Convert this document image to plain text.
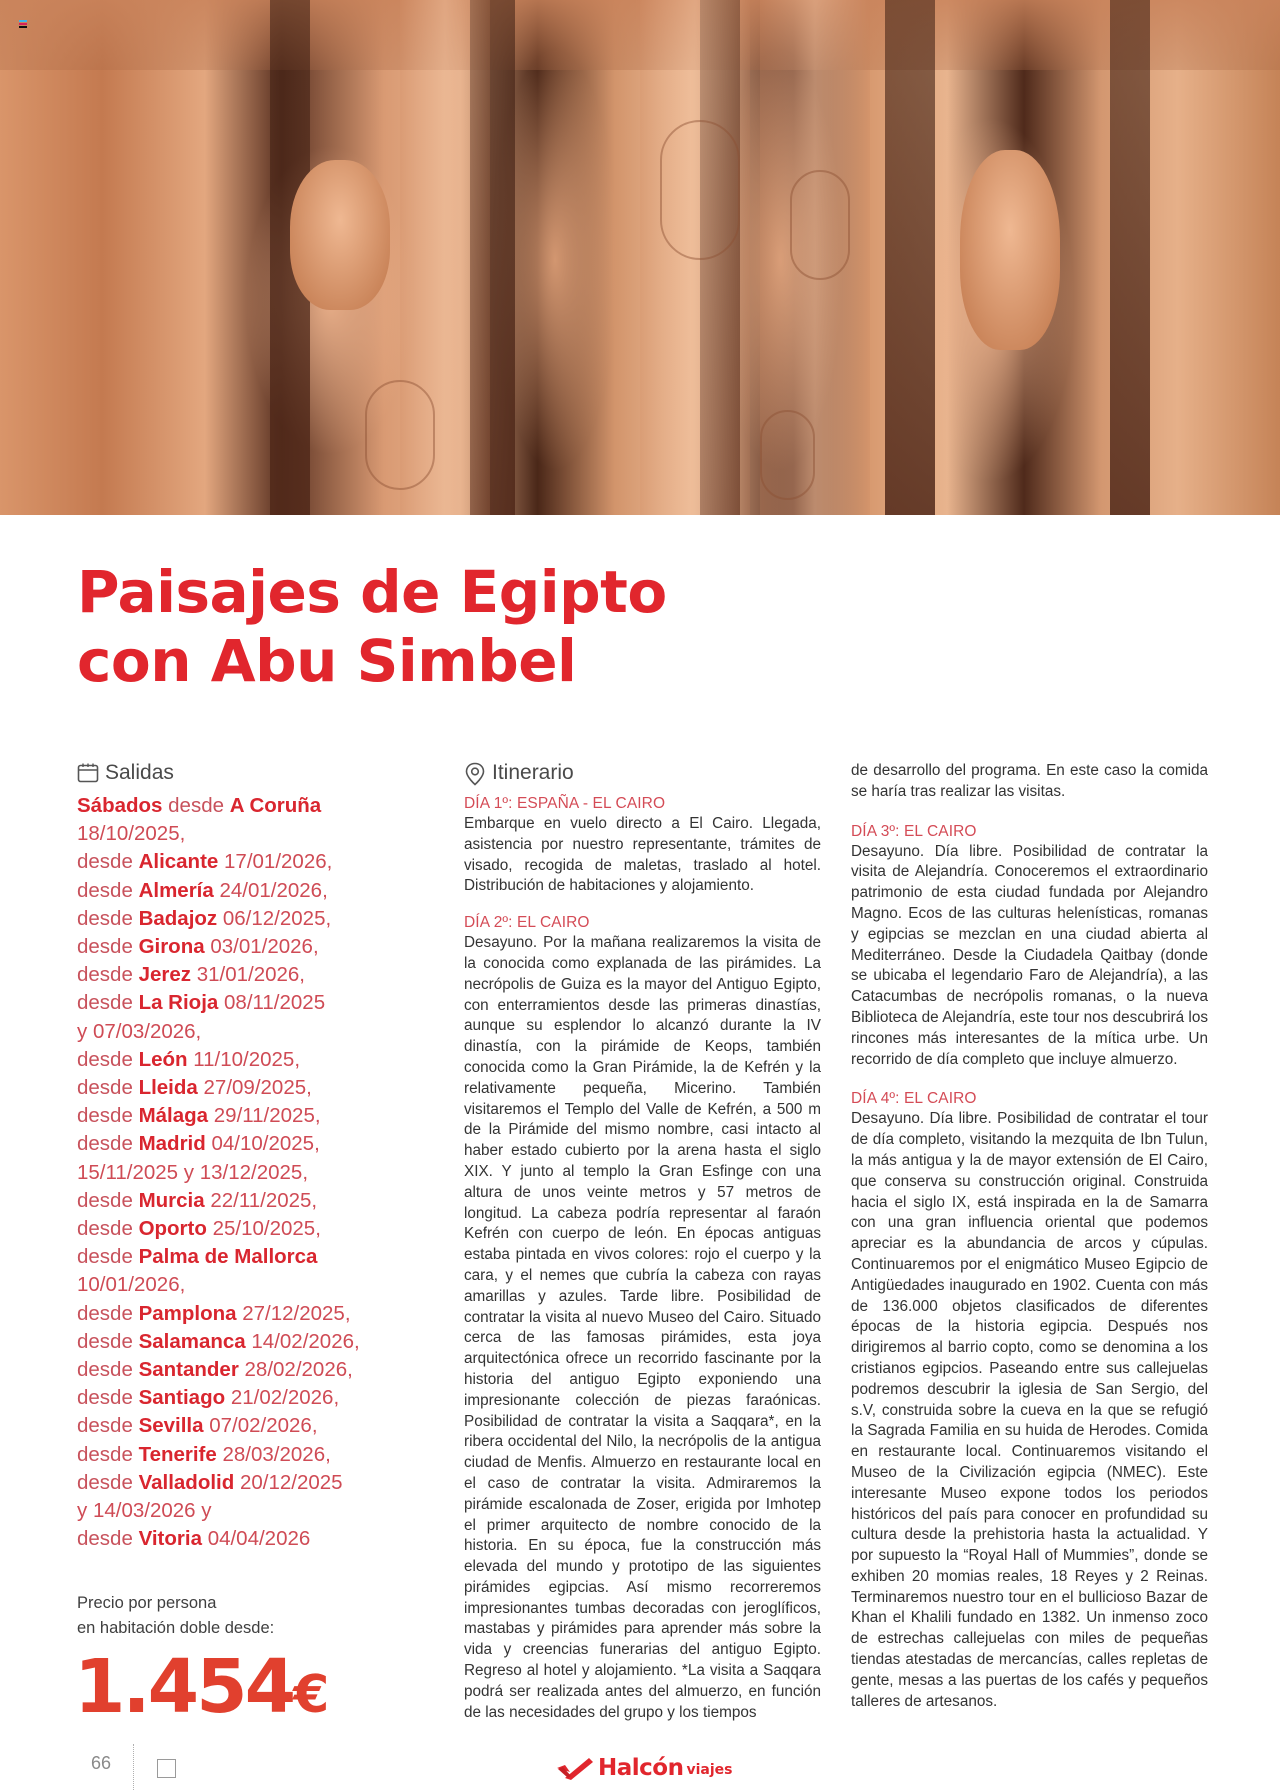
Paisajes de Egipto
con Abu Simbel
Salidas
Sábados desde A Coruña
18/10/2025,
desde Alicante 17/01/2026,
desde Almería 24/01/2026,
desde Badajoz 06/12/2025,
desde Girona 03/01/2026,
desde Jerez 31/01/2026,
desde La Rioja 08/11/2025
y 07/03/2026,
desde León 11/10/2025,
desde Lleida 27/09/2025,
desde Málaga 29/11/2025,
desde Madrid 04/10/2025,
15/11/2025 y 13/12/2025,
desde Murcia 22/11/2025,
desde Oporto 25/10/2025,
desde Palma de Mallorca
10/01/2026,
desde Pamplona 27/12/2025,
desde Salamanca 14/02/2026,
desde Santander 28/02/2026,
desde Santiago 21/02/2026,
desde Sevilla 07/02/2026,
desde Tenerife 28/03/2026,
desde Valladolid 20/12/2025
y 14/03/2026 y
desde Vitoria 04/04/2026
Precio por persona
en habitación doble desde:
1.454€
Itinerario
DÍA 1º: ESPAÑA - EL CAIRO
Embarque en vuelo directo a El Cairo. Llegada, asistencia por nuestro representante, trámites de visado, recogida de maletas, traslado al hotel. Distribución de habitaciones y alojamiento.
DÍA 2º: EL CAIRO
Desayuno. Por la mañana realizaremos la visita de la conocida como explanada de las pirámides. La necrópolis de Guiza es la mayor del Antiguo Egipto, con enterramientos desde las primeras dinastías, aunque su esplendor lo alcanzó durante la IV dinastía, con la pirámide de Keops, también conocida como la Gran Pirámide, la de Kefrén y la relativamente pequeña, Micerino. También visitaremos el Templo del Valle de Kefrén, a 500 m de la Pirámide del mismo nombre, casi intacto al haber estado cubierto por la arena hasta el siglo XIX. Y junto al templo la Gran Esfinge con una altura de unos veinte metros y 57 metros de longitud. La cabeza podría representar al faraón Kefrén con cuerpo de león. En épocas antiguas estaba pintada en vivos colores: rojo el cuerpo y la cara, y el nemes que cubría la cabeza con rayas amarillas y azules. Tarde libre. Posibilidad de contratar la visita al nuevo Museo del Cairo. Situado cerca de las famosas pirámides, esta joya arquitectónica ofrece un recorrido fascinante por la historia del antiguo Egipto exponiendo una impresionante colección de piezas faraónicas. Posibilidad de contratar la visita a Saqqara*, en la ribera occidental del Nilo, la necrópolis de la antigua ciudad de Menfis. Almuerzo en restaurante local en el caso de contratar la visita. Admiraremos la pirámide escalonada de Zoser, erigida por Imhotep el primer arquitecto de nombre conocido de la historia. En su época, fue la construcción más elevada del mundo y prototipo de las siguientes pirámides egipcias. Así mismo recorreremos impresionantes tumbas decoradas con jeroglíficos, mastabas y pirámides para aprender más sobre la vida y creencias funerarias del antiguo Egipto. Regreso al hotel y alojamiento. *La visita a Saqqara podrá ser realizada antes del almuerzo, en función de las necesidades del grupo y los tiempos
de desarrollo del programa. En este caso la comida se haría tras realizar las visitas.
DÍA 3º: EL CAIRO
Desayuno. Día libre. Posibilidad de contratar la visita de Alejandría. Conoceremos el extraordinario patrimonio de esta ciudad fundada por Alejandro Magno. Ecos de las culturas helenísticas, romanas y egipcias se mezclan en una ciudad abierta al Mediterráneo. Desde la Ciudadela Qaitbay (donde se ubicaba el legendario Faro de Alejandría), a las Catacumbas de necrópolis romanas, o la nueva Biblioteca de Alejandría, este tour nos descubrirá los rincones más interesantes de la mítica urbe. Un recorrido de día completo que incluye almuerzo.
DÍA 4º: EL CAIRO
Desayuno. Día libre. Posibilidad de contratar el tour de día completo, visitando la mezquita de Ibn Tulun, la más antigua y la de mayor extensión de El Cairo, que conserva su construcción original. Construida hacia el siglo IX, está inspirada en la de Samarra con una gran influencia oriental que podemos apreciar es la abundancia de arcos y cúpulas. Continuaremos por el enigmático Museo Egipcio de Antigüedades inaugurado en 1902. Cuenta con más de 136.000 objetos clasificados de diferentes épocas de la historia egipcia. Después nos dirigiremos al barrio copto, como se denomina a los cristianos egipcios. Paseando entre sus callejuelas podremos descubrir la iglesia de San Sergio, del s.V, construida sobre la cueva en la que se refugió la Sagrada Familia en su huida de Herodes. Comida en restaurante local. Continuaremos visitando el Museo de la Civilización egipcia (NMEC). Este interesante Museo expone todos los periodos históricos del país para conocer en profundidad su cultura desde la prehistoria hasta la actualidad. Y por supuesto la “Royal Hall of Mummies”, donde se exhiben 20 momias reales, 18 Reyes y 2 Reinas. Terminaremos nuestro tour en el bullicioso Bazar de Khan el Khalili fundado en 1382. Un inmenso zoco de estrechas callejuelas con miles de pequeñas tiendas atestadas de mercancías, calles repletas de gente, mesas a las puertas de los cafés y pequeños talleres de artesanos.
66	Halcón viajes
